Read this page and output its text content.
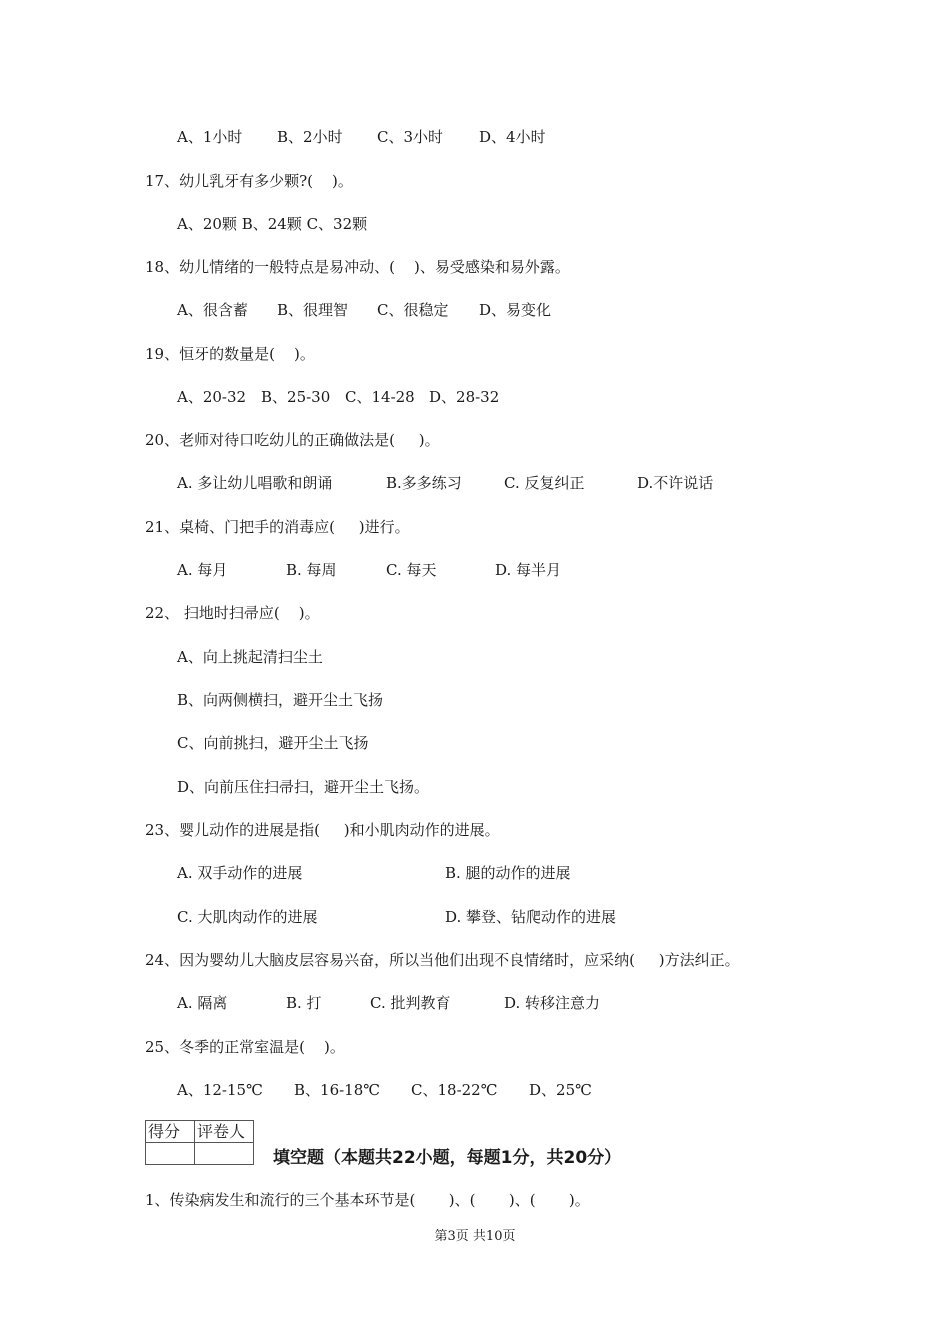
A、1小时 B、2小时 C、3小时 D、4小时
17、幼儿乳牙有多少颗?(    )。
A、20颗 B、24颗 C、32颗
18、幼儿情绪的一般特点是易冲动、(    )、易受感染和易外露。
A、很含蓄 B、很理智 C、很稳定 D、易变化
19、恒牙的数量是(    )。
A、20-32 B、25-30 C、14-28 D、28-32
20、老师对待口吃幼儿的正确做法是(     )。
A. 多让幼儿唱歌和朗诵	B.多多练习	C. 反复纠正	D.不许说话
21、桌椅、门把手的消毒应(     )进行。
A. 每月	B. 每周	C. 每天	D. 每半月
22、 扫地时扫帚应(    )。
A、向上挑起清扫尘土
B、向两侧横扫，避开尘土飞扬
C、向前挑扫，避开尘土飞扬
D、向前压住扫帚扫，避开尘土飞扬。
23、婴儿动作的进展是指(     )和小肌肉动作的进展。
A. 双手动作的进展	B. 腿的动作的进展
C. 大肌肉动作的进展	D. 攀登、钻爬动作的进展
24、因为婴幼儿大脑皮层容易兴奋，所以当他们出现不良情绪时，应采纳(     )方法纠正。
A. 隔离	B. 打	C. 批判教育	D. 转移注意力
25、冬季的正常室温是(    )。
A、12-15℃ B、16-18℃ C、18-22℃ D、25℃
得分	评卷人

填空题（本题共22小题，每题1分，共20分）
1、传染病发生和流行的三个基本环节是(       )、(       )、(       )。
第3页 共10页
